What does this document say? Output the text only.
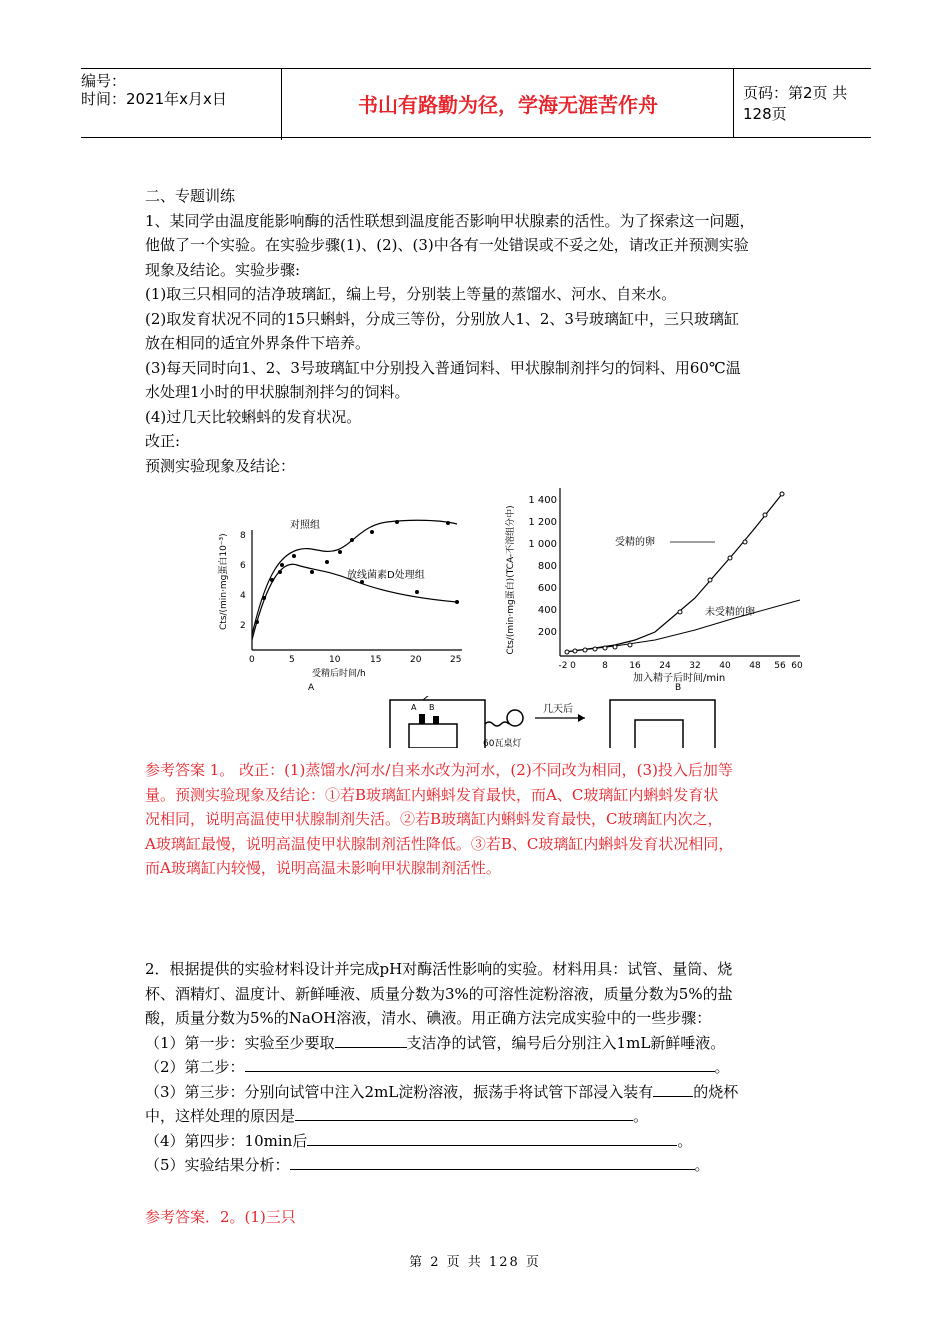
编号：
时间：2021年x月x日	书山有路勤为径，学海无涯苦作舟	页码：第2页 共128页

二、专题训练

1、某同学由温度能影响酶的活性联想到温度能否影响甲状腺素的活性。为了探索这一问题，

他做了一个实验。在实验步骤(1)、(2)、(3)中各有一处错误或不妥之处，请改正并预测实验

现象及结论。实验步骤:

(1)取三只相同的洁净玻璃缸，编上号，分别装上等量的蒸馏水、河水、自来水。

(2)取发育状况不同的15只蝌蚪，分成三等份，分别放人1、2、3号玻璃缸中，三只玻璃缸

放在相同的适宜外界条件下培养。

(3)每天同时向1、2、3号玻璃缸中分别投入普通饲料、甲状腺制剂拌匀的饲料、用60℃温

水处理1小时的甲状腺制剂拌匀的饲料。

(4)过几天比较蝌蚪的发育状况。

改正:

预测实验现象及结论：

Cts/(min·mg蛋白10⁻³) 2
4
6
8
0	5	10	15	20	25
对照组
放线菌素D处理组
受精后时间/h
A
Cts/(min·mg蛋白)(TCA-不溶组分中) 200
400
600
800
1 000
1 200
1 400
-2 0	8 16 24 32 40 48 56 60
受精的卵
未受精的卵
加入精子后时间/min
B
A B
60瓦桌灯
几天后

参考答案 1。 改正：(1)蒸馏水/河水/自来水改为河水，(2)不同改为相同，(3)投入后加等

量。预测实验现象及结论：①若B玻璃缸内蝌蚪发育最快，而A、C玻璃缸内蝌蚪发育状

况相同，说明高温使甲状腺制剂失活。②若B玻璃缸内蝌蚪发育最快，C玻璃缸内次之，

A玻璃缸最慢，说明高温使甲状腺制剂活性降低。③若B、C玻璃缸内蝌蚪发育状况相同，

而A玻璃缸内较慢，说明高温未影响甲状腺制剂活性。

2．根据提供的实验材料设计并完成pH对酶活性影响的实验。材料用具：试管、量筒、烧

杯、酒精灯、温度计、新鲜唾液、质量分数为3%的可溶性淀粉溶液，质量分数为5%的盐

酸，质量分数为5%的NaOH溶液，清水、碘液。用正确方法完成实验中的一些步骤：

（1）第一步：实验至少要取	支洁净的试管，编号后分别注入1mL新鲜唾液。

（2）第二步：	。

（3）第三步：分别向试管中注入2mL淀粉溶液，振荡手将试管下部浸入装有	的烧杯

中，这样处理的原因是	。

（4）第四步：10min后	。

（5）实验结果分析：	。

参考答案．2。(1)三只

第 2 页 共 128 页
